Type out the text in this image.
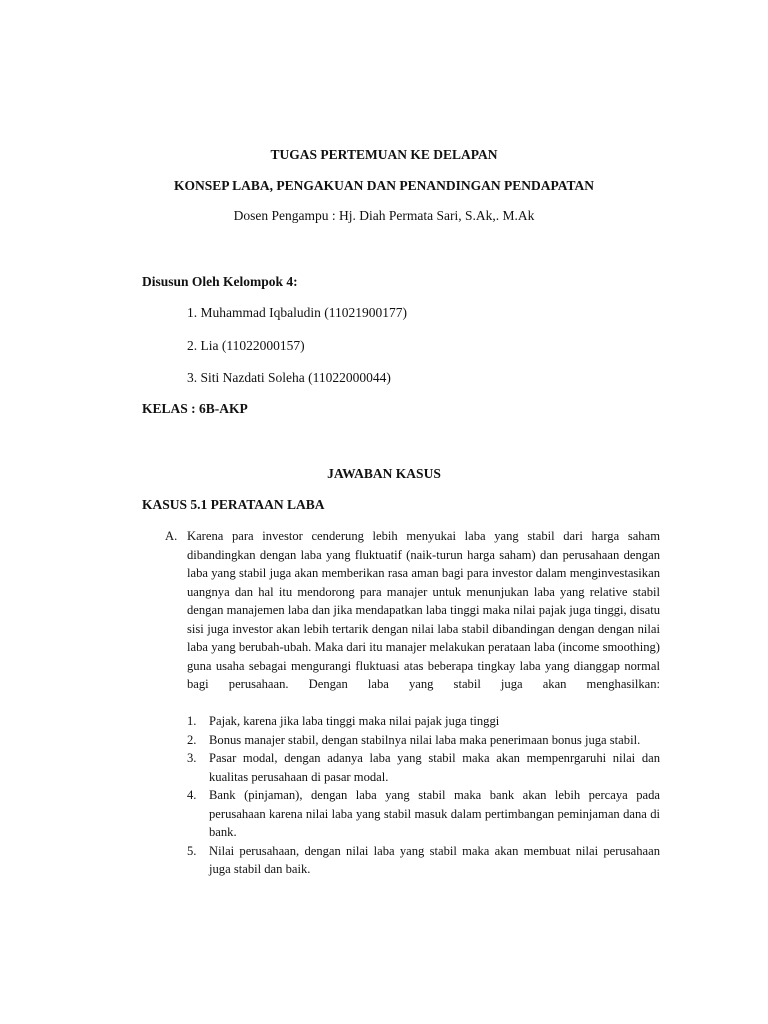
TUGAS PERTEMUAN KE DELAPAN

KONSEP LABA, PENGAKUAN DAN PENANDINGAN PENDAPATAN

Dosen Pengampu : Hj. Diah Permata Sari, S.Ak,. M.Ak

Disusun Oleh Kelompok 4:

1. Muhammad Iqbaludin (11021900177)

2. Lia (11022000157)

3. Siti Nazdati Soleha (11022000044)

KELAS : 6B-AKP

JAWABAN KASUS

KASUS 5.1 PERATAAN LABA

A. Karena para investor cenderung lebih menyukai laba yang stabil dari harga saham dibandingkan dengan laba yang fluktuatif (naik-turun harga saham) dan perusahaan dengan laba yang stabil juga akan memberikan rasa aman bagi para investor dalam menginvestasikan uangnya dan hal itu mendorong para manajer untuk menunjukan laba yang relative stabil dengan manajemen laba dan jika mendapatkan laba tinggi maka nilai pajak juga tinggi, disatu sisi juga investor akan lebih tertarik dengan nilai laba stabil dibandingan dengan dengan nilai laba yang berubah-ubah. Maka dari itu manajer melakukan perataan laba (income smoothing) guna usaha sebagai mengurangi fluktuasi atas beberapa tingkay laba yang dianggap normal bagi perusahaan. Dengan laba yang stabil juga akan menghasilkan:
1. Pajak, karena jika laba tinggi maka nilai pajak juga tinggi
2. Bonus manajer stabil, dengan stabilnya nilai laba maka penerimaan bonus juga stabil.
3. Pasar modal, dengan adanya laba yang stabil maka akan mempenrgaruhi nilai dan kualitas perusahaan di pasar modal.
4. Bank (pinjaman), dengan laba yang stabil maka bank akan lebih percaya pada perusahaan karena nilai laba yang stabil masuk dalam pertimbangan peminjaman dana di bank.
5. Nilai perusahaan, dengan nilai laba yang stabil maka akan membuat nilai perusahaan juga stabil dan baik.
